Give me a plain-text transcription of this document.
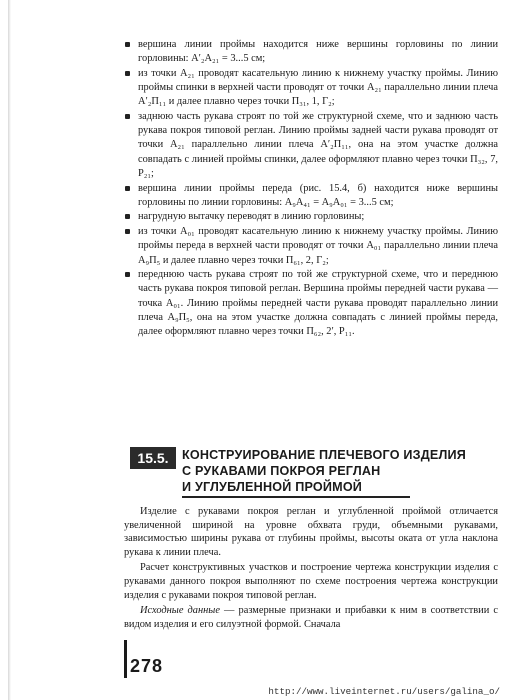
вершина линии проймы находится ниже вершины горловины по линии горловины: А′₂А₂₁ = 3...5 см;
из точки А₂₁ проводят касательную линию к нижнему участку проймы. Линию проймы спинки в верхней части проводят от точки А₂₁ параллельно линии плеча А′₂П₁₁ и далее плавно через точки П₃₁, 1, Г₂;
заднюю часть рукава строят по той же структурной схеме, что и заднюю часть рукава покроя типовой реглан. Линию проймы задней части рукава проводят от точки А₂₁ параллельно линии плеча А′₂П₁₁, она на этом участке должна совпадать с линией проймы спинки, далее оформляют плавно через точки П₃₂, 7, Р₂₁;
вершина линии проймы переда (рис. 15.4, б) находится ниже вершины горловины по линии горловины: А₉А₄₁ = А₉А₀₁ = 3...5 см;
нагрудную вытачку переводят в линию горловины;
из точки А₀₁ проводят касательную линию к нижнему участку проймы. Линию проймы переда в верхней части проводят от точки А₀₁ параллельно линии плеча А₉П₅ и далее плавно через точки П₆₁, 2, Г₂;
переднюю часть рукава строят по той же структурной схеме, что и переднюю часть рукава покроя типовой реглан. Вершина проймы передней части рукава — точка А₀₁. Линию проймы передней части рукава проводят параллельно линии плеча А₉П₅, она на этом участке должна совпадать с линией проймы переда, далее оформляют плавно через точки П₆₂, 2′, Р₁₁.
15.5.	КОНСТРУИРОВАНИЕ ПЛЕЧЕВОГО ИЗДЕЛИЯ
С РУКАВАМИ ПОКРОЯ РЕГЛАН
И УГЛУБЛЕННОЙ ПРОЙМОЙ

Изделие с рукавами покроя реглан и углубленной проймой отличается увеличенной шириной на уровне обхвата груди, объемными рукавами, зависимостью ширины рукава от глубины проймы, высоты оката от угла наклона рукава к линии плеча.

Расчет конструктивных участков и построение чертежа конструкции изделия с рукавами данного покроя выполняют по схеме построения чертежа конструкции изделия с рукавами покроя типовой реглан.

Исходные данные — размерные признаки и прибавки к ним в соответствии с видом изделия и его силуэтной формой. Сначала

278
http://www.liveinternet.ru/users/galina_o/
